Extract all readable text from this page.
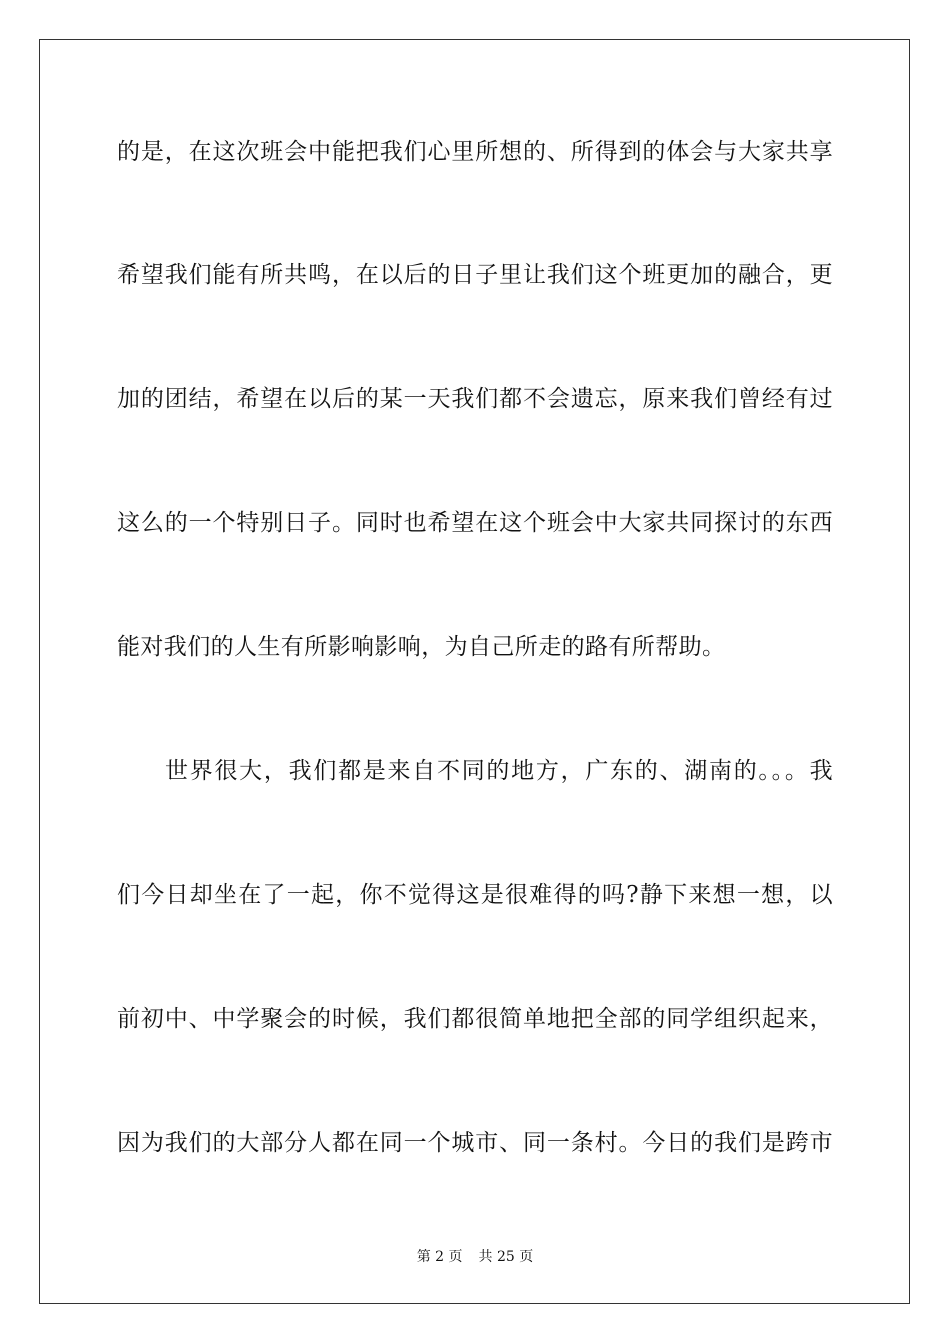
的是，在这次班会中能把我们心里所想的、所得到的体会与大家共享
希望我们能有所共鸣，在以后的日子里让我们这个班更加的融合，更
加的团结，希望在以后的某一天我们都不会遗忘，原来我们曾经有过
这么的一个特别日子。同时也希望在这个班会中大家共同探讨的东西
能对我们的人生有所影响影响，为自己所走的路有所帮助。
世界很大，我们都是来自不同的地方，广东的、湖南的。。。我
们今日却坐在了一起，你不觉得这是很难得的吗?静下来想一想，以
前初中、中学聚会的时候，我们都很简单地把全部的同学组织起来，
因为我们的大部分人都在同一个城市、同一条村。今日的我们是跨市
第 2 页 共 25 页
